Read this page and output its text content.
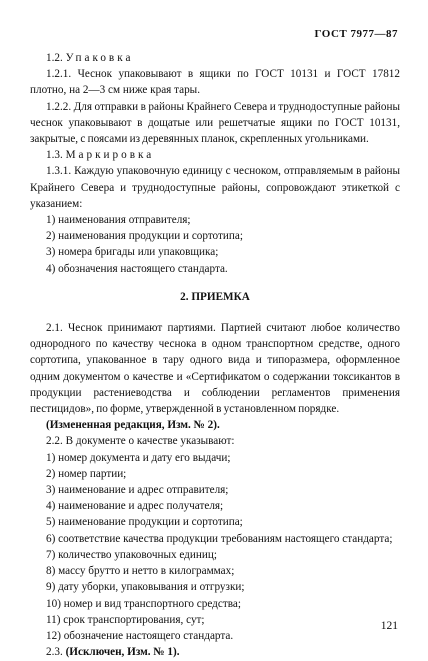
ГОСТ 7977—87

1.2. Упаковка

1.2.1. Чеснок упаковывают в ящики по ГОСТ 10131 и ГОСТ 17812 плотно, на 2—3 см ниже края тары.

1.2.2. Для отправки в районы Крайнего Севера и труднодоступные районы чеснок упаковывают в дощатые или решетчатые ящики по ГОСТ 10131, закрытые, с поясами из деревянных планок, скрепленных угольниками.

1.3. Маркировка

1.3.1. Каждую упаковочную единицу с чесноком, отправляемым в районы Крайнего Севера и труднодоступные районы, сопровождают этикеткой с указанием:

1) наименования отправителя;

2) наименования продукции и сортотипа;

3) номера бригады или упаковщика;

4) обозначения настоящего стандарта.

2. ПРИЕМКА

2.1. Чеснок принимают партиями. Партией считают любое количество однородного по качеству чеснока в одном транспортном средстве, одного сортотипа, упакованное в тару одного вида и типоразмера, оформленное одним документом о качестве и «Сертификатом о содержании токсикантов в продукции растениеводства и соблюдении регламентов применения пестицидов», по форме, утвержденной в установленном порядке.

(Измененная редакция, Изм. № 2).

2.2. В документе о качестве указывают:

1) номер документа и дату его выдачи;

2) номер партии;

3) наименование и адрес отправителя;

4) наименование и адрес получателя;

5) наименование продукции и сортотипа;

6) соответствие качества продукции требованиям настоящего стандарта;

7) количество упаковочных единиц;

8) массу брутто и нетто в килограммах;

9) дату уборки, упаковывания и отгрузки;

10) номер и вид транспортного средства;

11) срок транспортирования, сут;

12) обозначение настоящего стандарта.

2.3. (Исключен, Изм. № 1).

121
